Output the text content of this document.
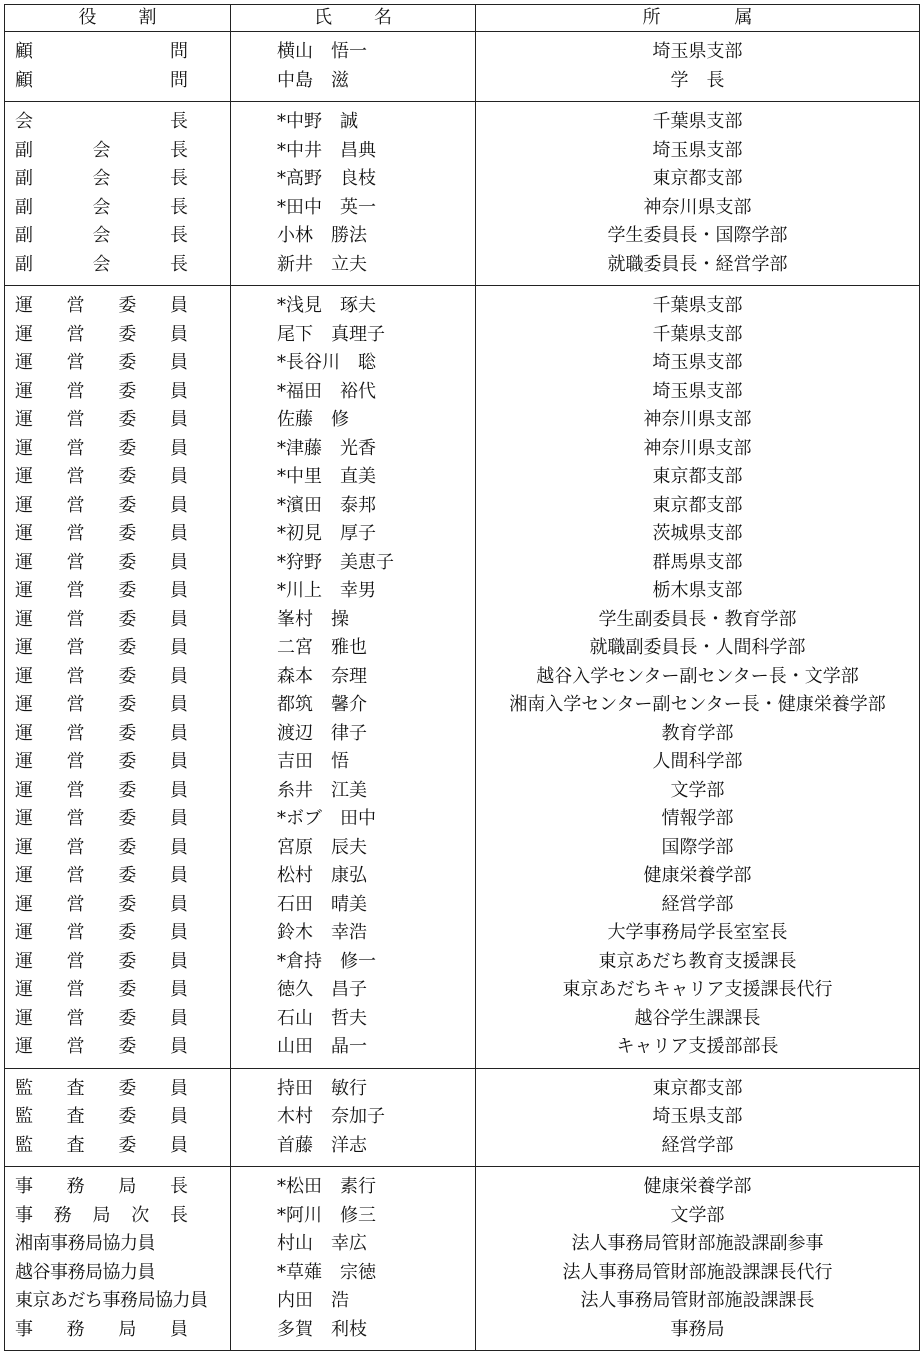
役　割	氏　名	所　属
顧問	横山　悟一	埼玉県支部
顧問	中島　滋	学　長
会長	*中野　誠	千葉県支部
副会長	*中井　昌典	埼玉県支部
副会長	*高野　良枝	東京都支部
副会長	*田中　英一	神奈川県支部
副会長	小林　勝法	学生委員長・国際学部
副会長	新井　立夫	就職委員長・経営学部
運営委員	*浅見　琢夫	千葉県支部
運営委員	尾下　真理子	千葉県支部
運営委員	*長谷川　聡	埼玉県支部
運営委員	*福田　裕代	埼玉県支部
運営委員	佐藤　修	神奈川県支部
運営委員	*津藤　光香	神奈川県支部
運営委員	*中里　直美	東京都支部
運営委員	*濱田　泰邦	東京都支部
運営委員	*初見　厚子	茨城県支部
運営委員	*狩野　美恵子	群馬県支部
運営委員	*川上　幸男	栃木県支部
運営委員	峯村　操	学生副委員長・教育学部
運営委員	二宮　雅也	就職副委員長・人間科学部
運営委員	森本　奈理	越谷入学センター副センター長・文学部
運営委員	都筑　馨介	湘南入学センター副センター長・健康栄養学部
運営委員	渡辺　律子	教育学部
運営委員	吉田　悟	人間科学部
運営委員	糸井　江美	文学部
運営委員	*ボブ　田中	情報学部
運営委員	宮原　辰夫	国際学部
運営委員	松村　康弘	健康栄養学部
運営委員	石田　晴美	経営学部
運営委員	鈴木　幸浩	大学事務局学長室室長
運営委員	*倉持　修一	東京あだち教育支援課長
運営委員	徳久　昌子	東京あだちキャリア支援課長代行
運営委員	石山　哲夫	越谷学生課課長
運営委員	山田　晶一	キャリア支援部部長
監査委員	持田　敏行	東京都支部
監査委員	木村　奈加子	埼玉県支部
監査委員	首藤　洋志	経営学部
事務局長	*松田　素行	健康栄養学部
事務局次長	*阿川　修三	文学部
湘南事務局協力員	村山　幸広	法人事務局管財部施設課副参事
越谷事務局協力員	*草薙　宗徳	法人事務局管財部施設課課長代行
東京あだち事務局協力員	内田　浩	法人事務局管財部施設課課長
事務局員	多賀　利枝	事務局
